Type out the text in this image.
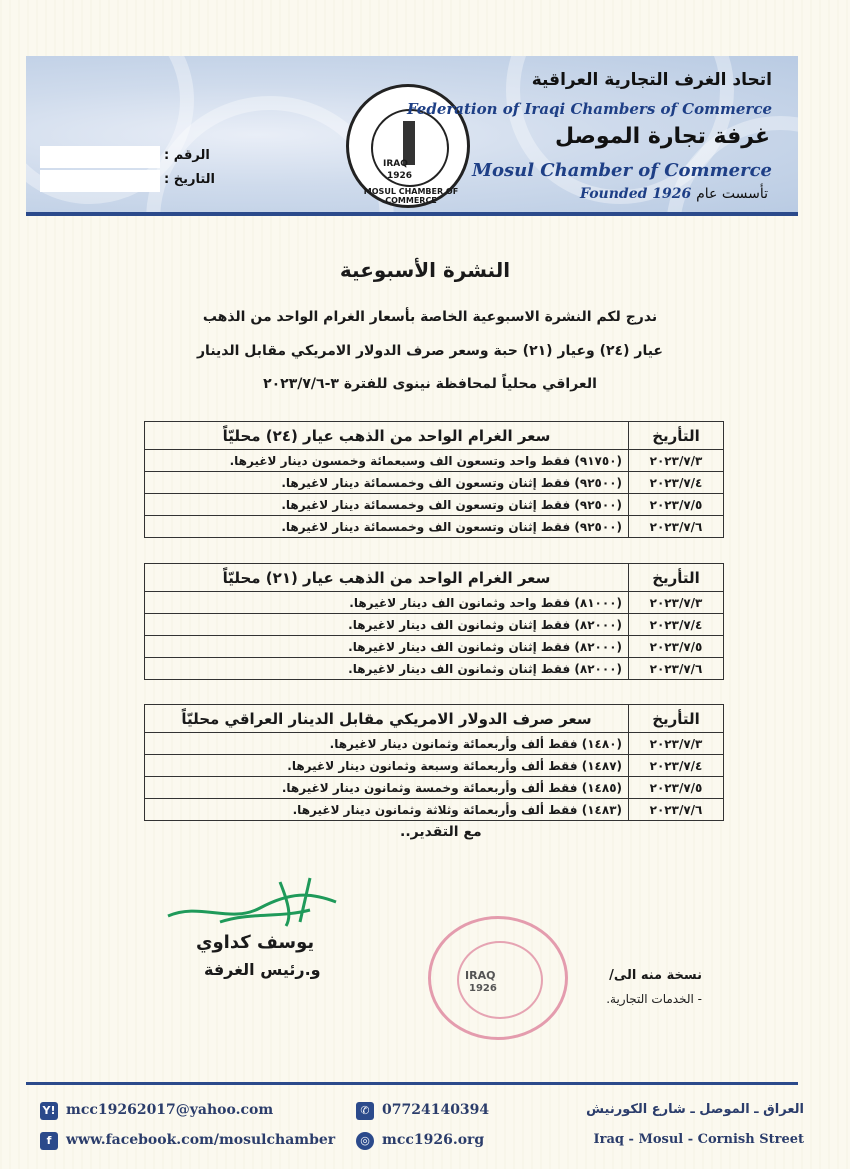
الرقم :
التاريخ :
IRAQ
1926
MOSUL CHAMBER OF COMMERCE
اتحاد الغرف التجارية العراقية
Federation of Iraqi Chambers of Commerce
غرفة تجارة الموصل
Mosul Chamber of Commerce
Founded 1926 تأسست عام
النشرة الأسبوعية
ندرج لكم النشرة الاسبوعية الخاصة بأسعار الغرام الواحد من الذهب
عيار (٢٤) وعيار (٢١) حبة وسعر صرف الدولار الامريكي مقابل الدينار
العراقي محلياً لمحافظة نينوى للفترة ٣-٢٠٢٣/٧/٦
التأريخ	سعر الغرام الواحد من الذهب عيار (٢٤) محليّاً
٢٠٢٣/٧/٣	(٩١٧٥٠) فقط واحد وتسعون الف وسبعمائة وخمسون دينار لاغيرها.
٢٠٢٣/٧/٤	(٩٢٥٠٠) فقط إثنان وتسعون الف وخمسمائة دينار لاغيرها.
٢٠٢٣/٧/٥	(٩٢٥٠٠) فقط إثنان وتسعون الف وخمسمائة دينار لاغيرها.
٢٠٢٣/٧/٦	(٩٢٥٠٠) فقط إثنان وتسعون الف وخمسمائة دينار لاغيرها.
التأريخ	سعر الغرام الواحد من الذهب عيار (٢١) محليّاً
٢٠٢٣/٧/٣	(٨١٠٠٠) فقط واحد وثمانون الف دينار لاغيرها.
٢٠٢٣/٧/٤	(٨٢٠٠٠) فقط إثنان وثمانون الف دينار لاغيرها.
٢٠٢٣/٧/٥	(٨٢٠٠٠) فقط إثنان وثمانون الف دينار لاغيرها.
٢٠٢٣/٧/٦	(٨٢٠٠٠) فقط إثنان وثمانون الف دينار لاغيرها.
التأريخ	سعر صرف الدولار الامريكي مقابل الدينار العراقي محليّاً
٢٠٢٣/٧/٣	(١٤٨٠) فقط ألف وأربعمائة وثمانون دينار لاغيرها.
٢٠٢٣/٧/٤	(١٤٨٧) فقط ألف وأربعمائة وسبعة وثمانون دينار لاغيرها.
٢٠٢٣/٧/٥	(١٤٨٥) فقط ألف وأربعمائة وخمسة وثمانون دينار لاغيرها.
٢٠٢٣/٧/٦	(١٤٨٣) فقط ألف وأربعمائة وثلاثة وثمانون دينار لاغيرها.
مع التقدير..
يوسف كداوي
و.رئيس الغرفة	IRAQ
1926
نسخة منه الى/
- الخدمات التجارية.
Y! mcc19262017@yahoo.com
f	www.facebook.com/mosulchamber
✆ 07724140394
◎ mcc1926.org
العراق ـ الموصل ـ شارع الكورنيش
Iraq - Mosul - Cornish Street
